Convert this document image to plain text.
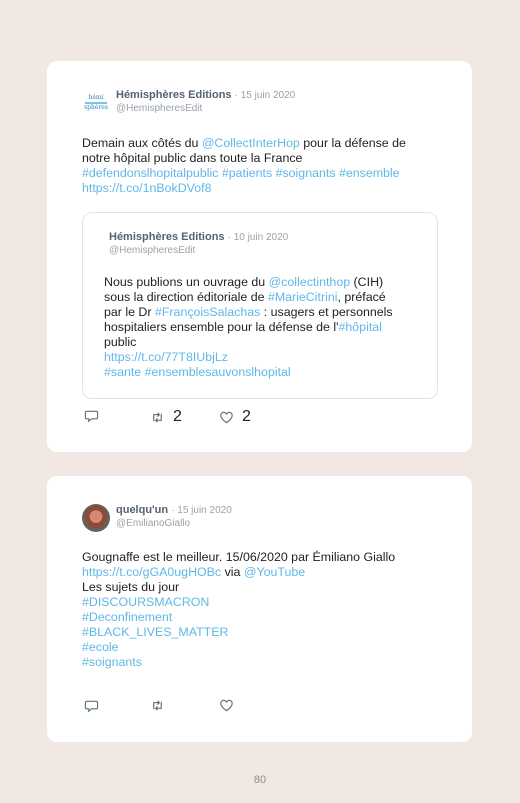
hémi
sphères
Hémisphères Editions · 15 juin 2020
@HemispheresEdit
Demain aux côtés du @CollectInterHop pour la défense de
notre hôpital public dans toute la France
#defendonslhopitalpublic #patients #soignants #ensemble
https://t.co/1nBokDVof8
Hémisphères Editions · 10 juin 2020
@HemispheresEdit
Nous publions un ouvrage du @collectinthop (CIH)
sous la direction éditoriale de #MarieCitrini, préfacé
par le Dr #FrançoisSalachas : usagers et personnels
hospitaliers ensemble pour la défense de l'#hôpital
public
https://t.co/77T8IUbjLz
#sante #ensemblesauvonslhopital
2	2
quelqu'un · 15 juin 2020
@EmilianoGiallo
Gougnaffe est le meilleur. 15/06/2020 par Émiliano Giallo
https://t.co/gGA0ugHOBc via @YouTube
Les sujets du jour
#DISCOURSMACRON
#Deconfinement
#BLACK_LIVES_MATTER
#ecole
#soignants
80
